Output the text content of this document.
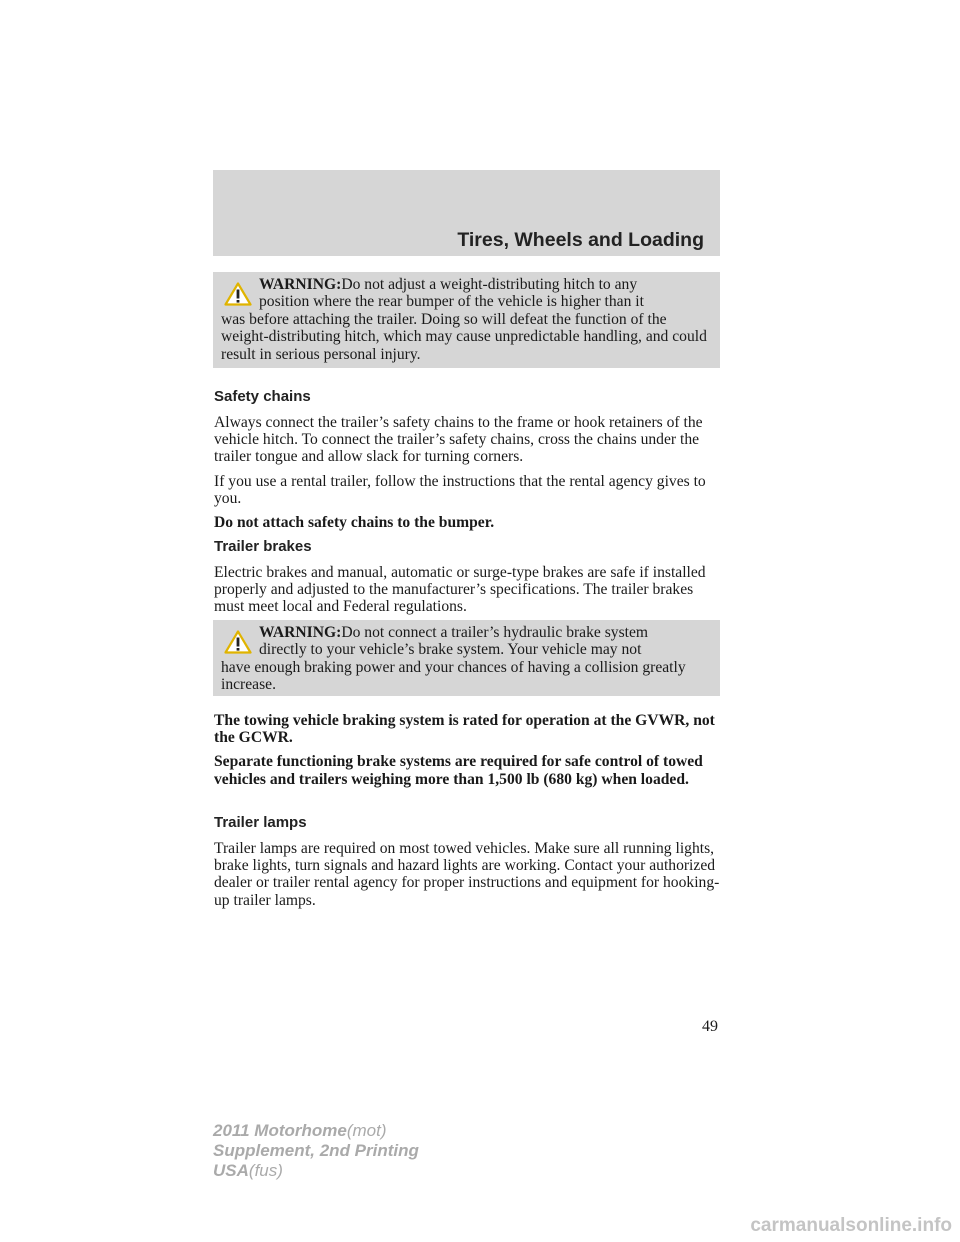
Tires, Wheels and Loading

WARNING:Do not adjust a weight-distributing hitch to any
position where the rear bumper of the vehicle is higher than it
was before attaching the trailer. Doing so will defeat the function of the weight-distributing hitch, which may cause unpredictable handling, and could result in serious personal injury.

Safety chains

Always connect the trailer’s safety chains to the frame or hook retainers of the vehicle hitch. To connect the trailer’s safety chains, cross the chains under the trailer tongue and allow slack for turning corners.

If you use a rental trailer, follow the instructions that the rental agency gives to you.

Do not attach safety chains to the bumper.

Trailer brakes

Electric brakes and manual, automatic or surge-type brakes are safe if installed properly and adjusted to the manufacturer’s specifications. The trailer brakes must meet local and Federal regulations.

WARNING:Do not connect a trailer’s hydraulic brake system
directly to your vehicle’s brake system. Your vehicle may not
have enough braking power and your chances of having a collision greatly increase.

The towing vehicle braking system is rated for operation at the GVWR, not the GCWR.

Separate functioning brake systems are required for safe control of towed vehicles and trailers weighing more than 1,500 lb (680 kg) when loaded.

Trailer lamps

Trailer lamps are required on most towed vehicles. Make sure all running lights, brake lights, turn signals and hazard lights are working. Contact your authorized dealer or trailer rental agency for proper instructions and equipment for hooking-up trailer lamps.

49
2011 Motorhome(mot)
Supplement, 2nd Printing
USA(fus)
carmanualsonline.info
